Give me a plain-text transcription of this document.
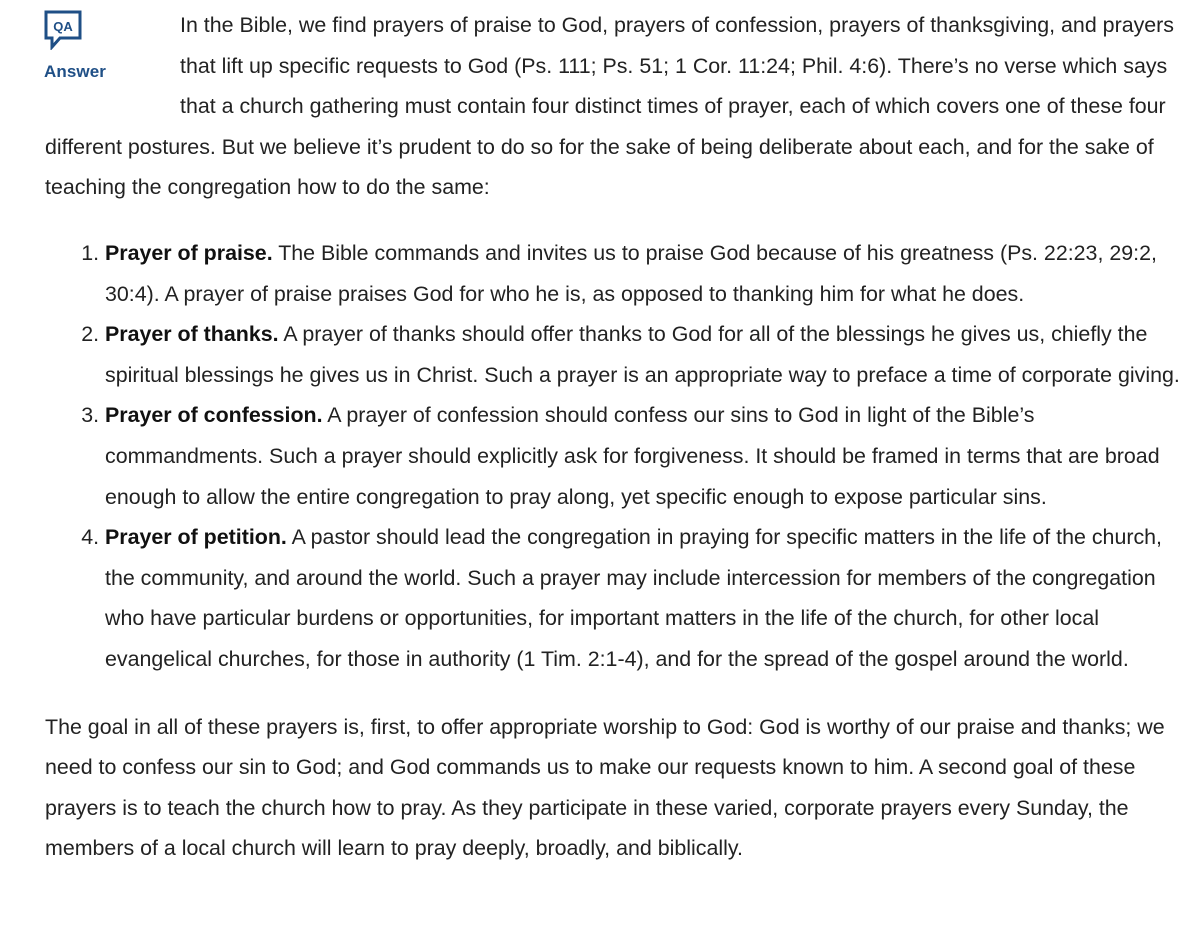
QA
Answer

In the Bible, we find prayers of praise to God, prayers of confession, prayers of thanksgiving, and prayers that lift up specific requests to God (Ps. 111; Ps. 51; 1 Cor. 11:24; Phil. 4:6). There’s no verse which says that a church gathering must contain four distinct times of prayer, each of which covers one of these four different postures. But we believe it’s prudent to do so for the sake of being deliberate about each, and for the sake of teaching the congregation how to do the same:

1. Prayer of praise. The Bible commands and invites us to praise God because of his greatness (Ps. 22:23, 29:2, 30:4). A prayer of praise praises God for who he is, as opposed to thanking him for what he does.
2. Prayer of thanks. A prayer of thanks should offer thanks to God for all of the blessings he gives us, chiefly the spiritual blessings he gives us in Christ. Such a prayer is an appropriate way to preface a time of corporate giving.
3. Prayer of confession. A prayer of confession should confess our sins to God in light of the Bible’s commandments. Such a prayer should explicitly ask for forgiveness. It should be framed in terms that are broad enough to allow the entire congregation to pray along, yet specific enough to expose particular sins.
4. Prayer of petition. A pastor should lead the congregation in praying for specific matters in the life of the church, the community, and around the world. Such a prayer may include intercession for members of the congregation who have particular burdens or opportunities, for important matters in the life of the church, for other local evangelical churches, for those in authority (1 Tim. 2:1-4), and for the spread of the gospel around the world.

The goal in all of these prayers is, first, to offer appropriate worship to God: God is worthy of our praise and thanks; we need to confess our sin to God; and God commands us to make our requests known to him. A second goal of these prayers is to teach the church how to pray. As they participate in these varied, corporate prayers every Sunday, the members of a local church will learn to pray deeply, broadly, and biblically.
